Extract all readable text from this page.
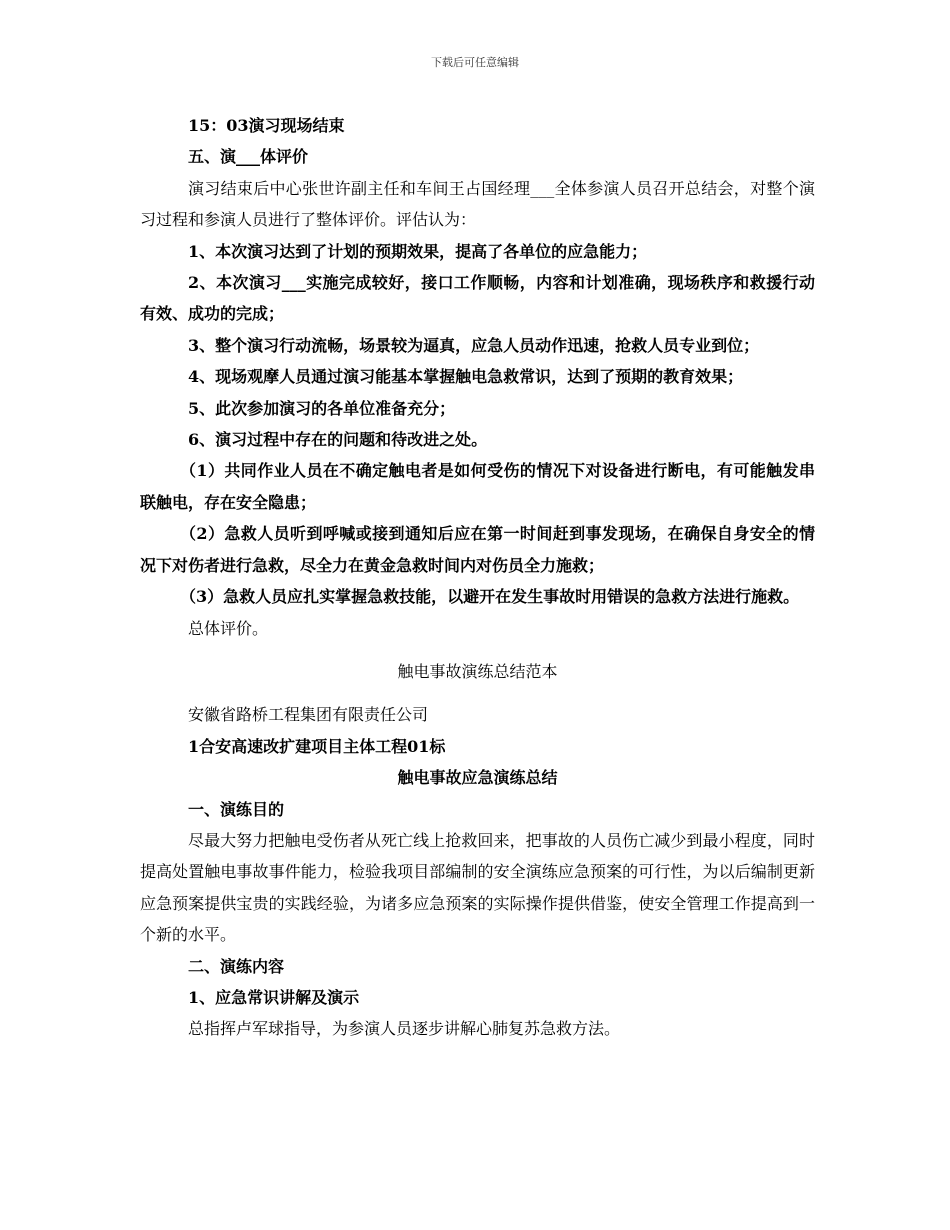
下载后可任意编辑

15：03演习现场结束

五、演___体评价

演习结束后中心张世许副主任和车间王占国经理___全体参演人员召开总结会，对整个演习过程和参演人员进行了整体评价。评估认为：

1、本次演习达到了计划的预期效果，提高了各单位的应急能力；

2、本次演习___实施完成较好，接口工作顺畅，内容和计划准确，现场秩序和救援行动有效、成功的完成；

3、整个演习行动流畅，场景较为逼真，应急人员动作迅速，抢救人员专业到位；

4、现场观摩人员通过演习能基本掌握触电急救常识，达到了预期的教育效果；

5、此次参加演习的各单位准备充分；

6、演习过程中存在的问题和待改进之处。

（1）共同作业人员在不确定触电者是如何受伤的情况下对设备进行断电，有可能触发串联触电，存在安全隐患；

（2）急救人员听到呼喊或接到通知后应在第一时间赶到事发现场，在确保自身安全的情况下对伤者进行急救，尽全力在黄金急救时间内对伤员全力施救；

（3）急救人员应扎实掌握急救技能，以避开在发生事故时用错误的急救方法进行施救。

总体评价。

触电事故演练总结范本

安徽省路桥工程集团有限责任公司

1合安高速改扩建项目主体工程01标

触电事故应急演练总结

一、演练目的

尽最大努力把触电受伤者从死亡线上抢救回来，把事故的人员伤亡减少到最小程度，同时提高处置触电事故事件能力，检验我项目部编制的安全演练应急预案的可行性，为以后编制更新应急预案提供宝贵的实践经验，为诸多应急预案的实际操作提供借鉴，使安全管理工作提高到一个新的水平。

二、演练内容

1、应急常识讲解及演示

总指挥卢军球指导，为参演人员逐步讲解心肺复苏急救方法。
